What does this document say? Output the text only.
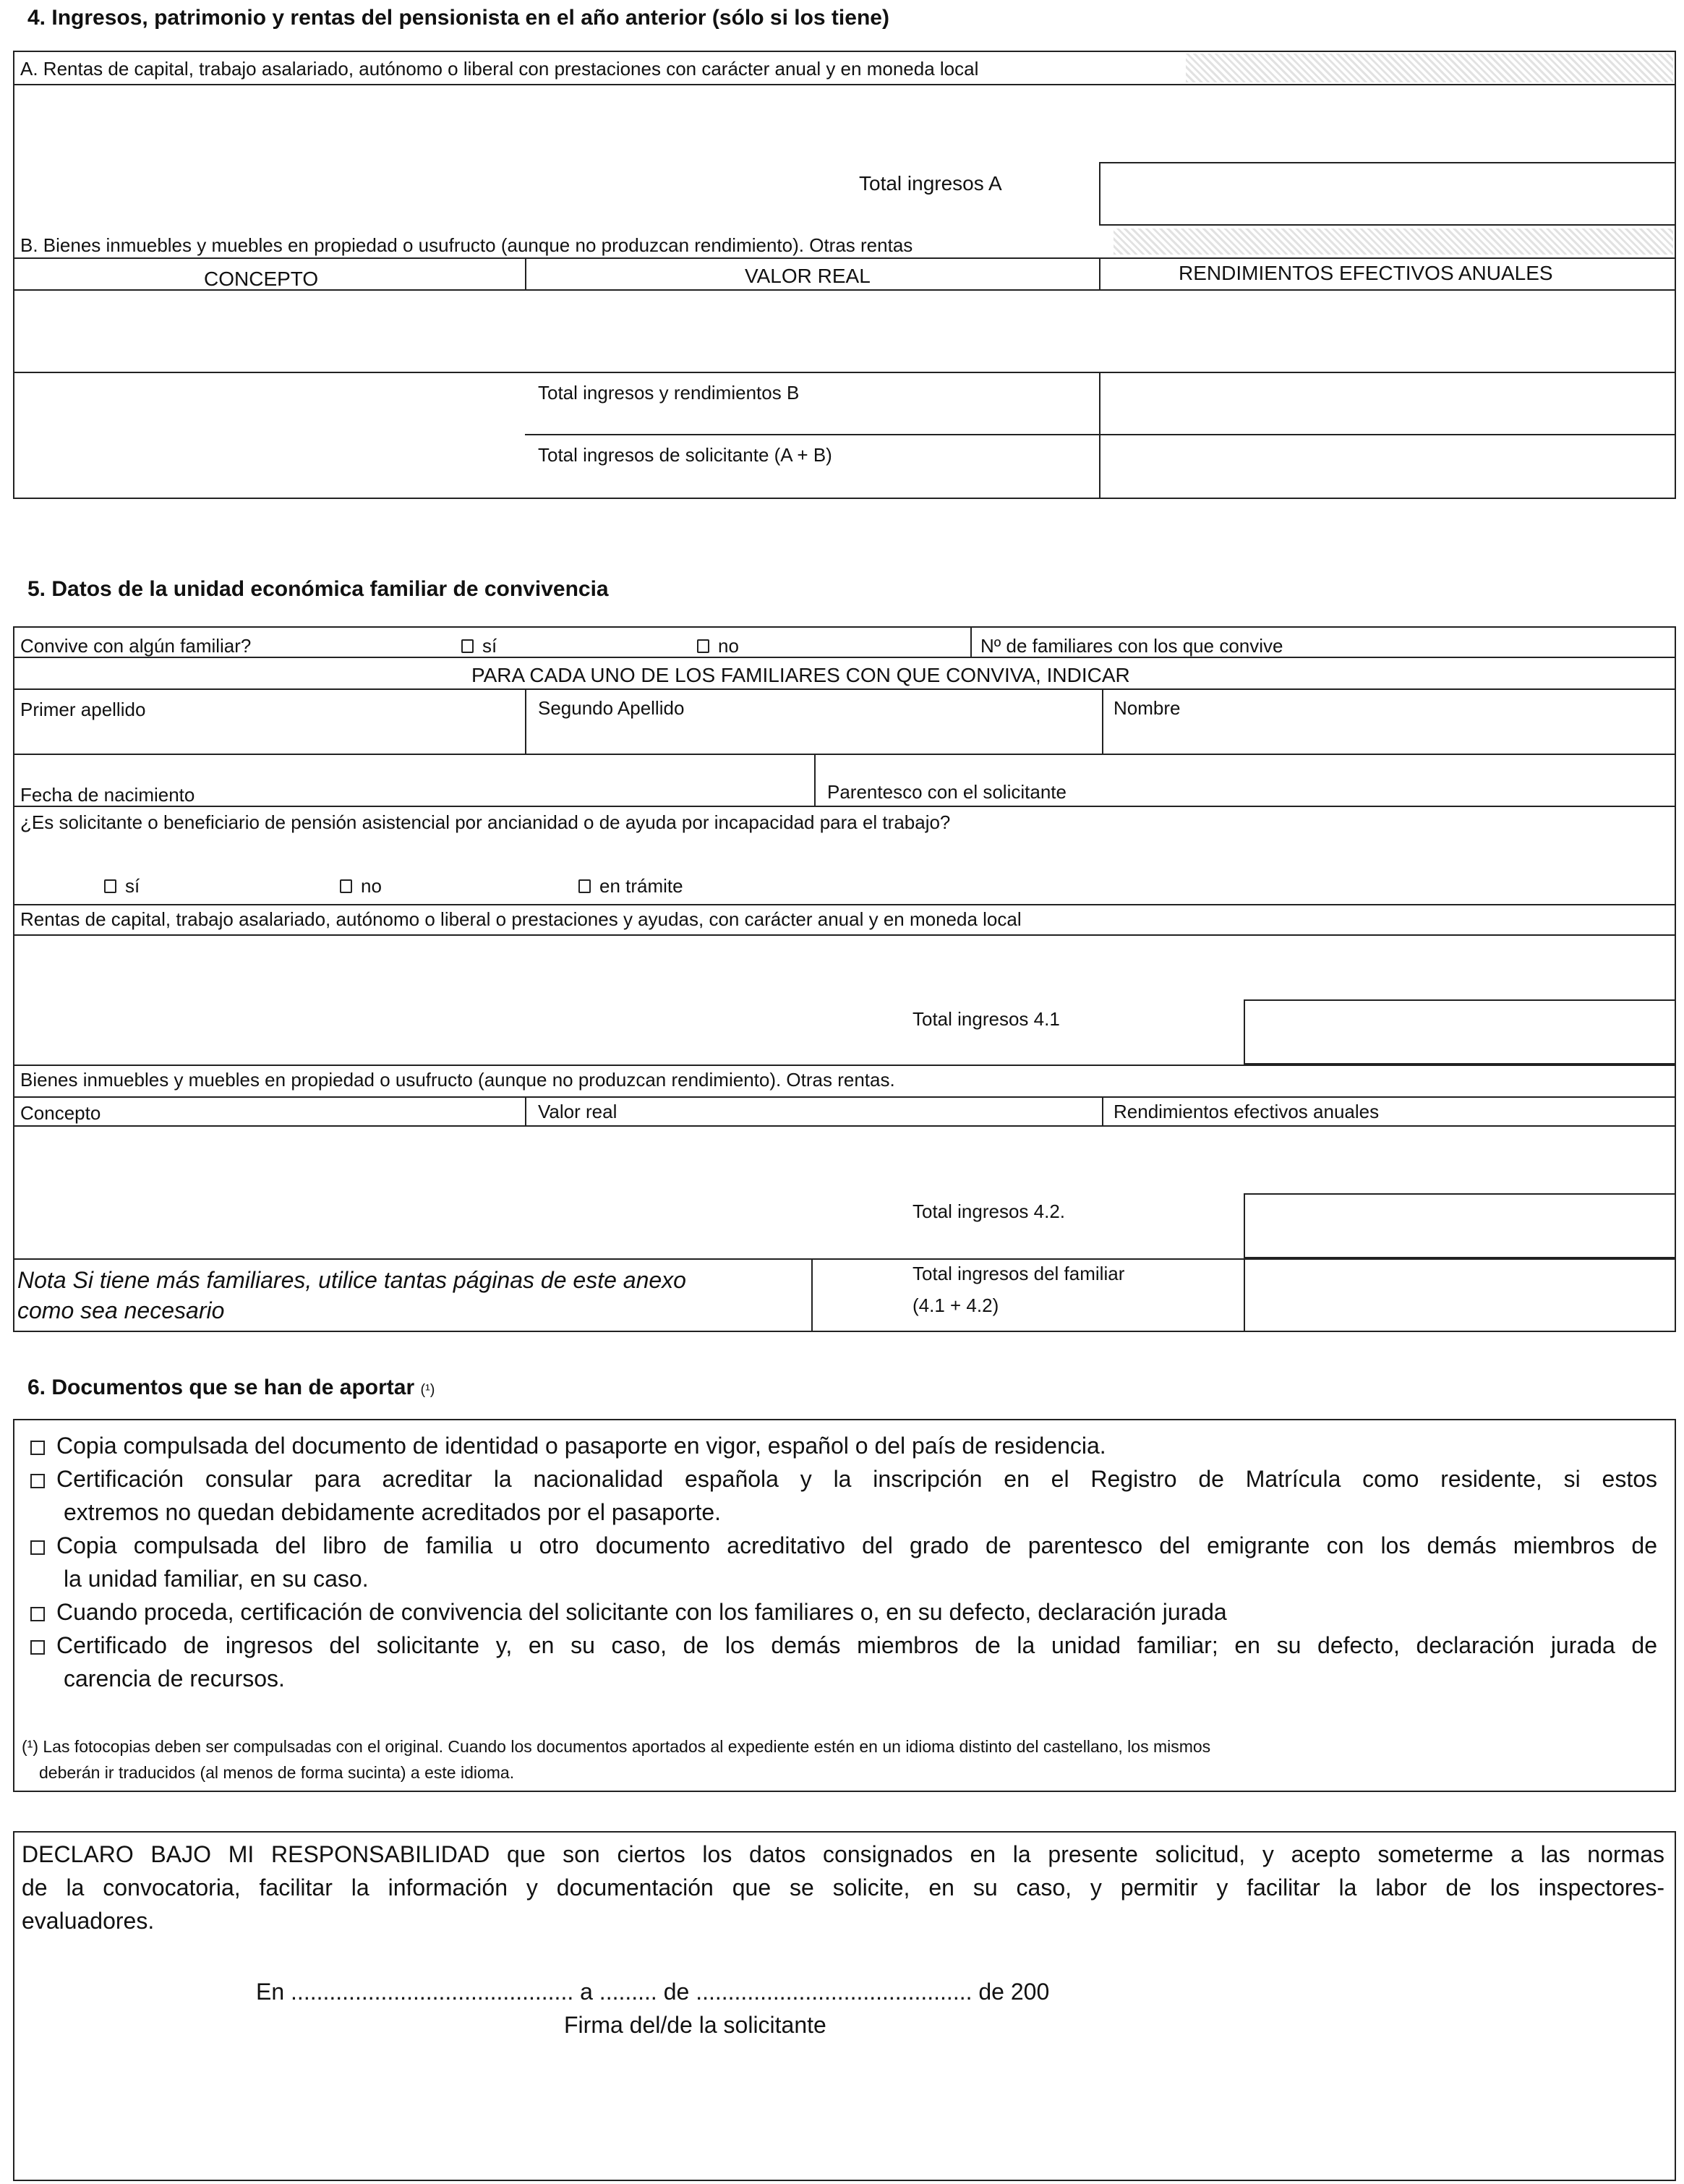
4. Ingresos, patrimonio y rentas del pensionista en el año anterior (sólo si los tiene)
A. Rentas de capital, trabajo asalariado, autónomo o liberal con prestaciones con carácter anual y en moneda local
Total ingresos A
B. Bienes inmuebles y muebles en propiedad o usufructo (aunque no produzcan rendimiento). Otras rentas
CONCEPTO	VALOR REAL	RENDIMIENTOS EFECTIVOS ANUALES
Total ingresos y rendimientos B
Total ingresos de solicitante (A + B)
5. Datos de la unidad económica familiar de convivencia
Convive con algún familiar?	sí	no	Nº de familiares con los que convive
PARA CADA UNO DE LOS FAMILIARES CON QUE CONVIVA, INDICAR
Primer apellido	Segundo Apellido	Nombre
Fecha de nacimiento	Parentesco con el solicitante
¿Es solicitante o beneficiario de pensión asistencial por ancianidad o de ayuda por incapacidad para el trabajo?
sí	no	en trámite
Rentas de capital, trabajo asalariado, autónomo o liberal o prestaciones y ayudas, con carácter anual y en moneda local
Total ingresos 4.1
Bienes inmuebles y muebles en propiedad o usufructo (aunque no produzcan rendimiento). Otras rentas.
Concepto	Valor real	Rendimientos efectivos anuales
Total ingresos 4.2.
Nota Si tiene más familiares, utilice tantas páginas de este anexo
como sea necesario
Total ingresos del familiar
(4.1 + 4.2)
6. Documentos que se han de aportar (¹)
Copia compulsada del documento de identidad o pasaporte en vigor, español o del país de residencia.
Certificación consular para acreditar la nacionalidad española y la inscripción en el Registro de Matrícula como residente, si estos
extremos no quedan debidamente acreditados por el pasaporte.
Copia compulsada del libro de familia u otro documento acreditativo del grado de parentesco del emigrante con los demás miembros de
la unidad familiar, en su caso.
Cuando proceda, certificación de convivencia del solicitante con los familiares o, en su defecto, declaración jurada
Certificado de ingresos del solicitante y, en su caso, de los demás miembros de la unidad familiar; en su defecto, declaración jurada de
carencia de recursos.
(¹) Las fotocopias deben ser compulsadas con el original. Cuando los documentos aportados al expediente estén en un idioma distinto del castellano, los mismos
deberán ir traducidos (al menos de forma sucinta) a este idioma.
DECLARO BAJO MI RESPONSABILIDAD que son ciertos los datos consignados en la presente solicitud, y acepto someterme a las normas
de la convocatoria, facilitar la información y documentación que se solicite, en su caso, y permitir y facilitar la labor de los inspectores-
evaluadores.
En ............................................ a ......... de ........................................... de 200
Firma del/de la solicitante
